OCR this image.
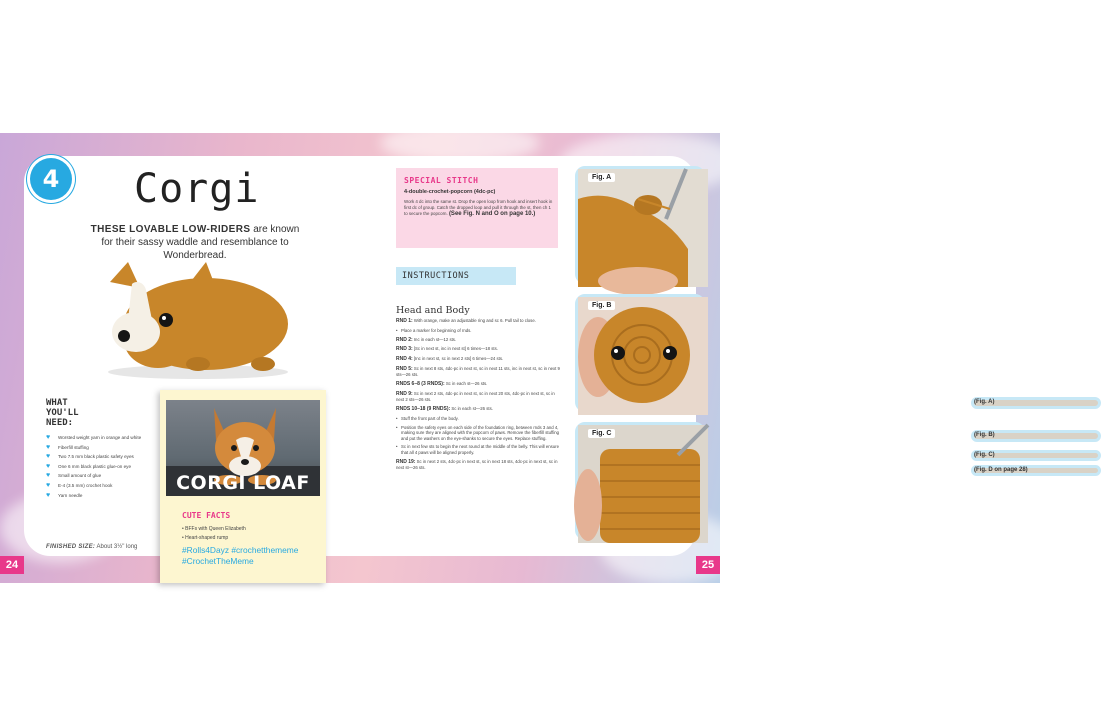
24	25
4	Corgi
THESE LOVABLE LOW-RIDERS are known for their sassy waddle and resemblance to Wonderbread.
WHAT
YOU'LL
NEED:
♥	Worsted weight yarn in orange and white
♥	Fiberfill stuffing
♥	Two 7.5 mm black plastic safety eyes
♥	One 6 mm black plastic glue-on eye
♥	Small amount of glue
♥	E-4 (3.5 mm) crochet hook
♥	Yarn needle
FINISHED SIZE: About 3½" long
CORGI LOAF
CUTE FACTS
• BFFs with Queen Elizabeth
• Heart-shaped rump
#Rolls4Dayz #crochetthememe #CrochetTheMeme
SPECIAL STITCH
4-double-crochet-popcorn (4dc-pc)
Work 4 dc into the same st. Drop the open loop from hook and insert hook in first dc of group. Catch the dropped loop and pull it through the st, then ch 1 to secure the popcorn. (See Fig. N and O on page 10.)
INSTRUCTIONS
Head and Body
RND 1: With orange, make an adjustable ring and sc 6. Pull tail to close.
• Place a marker for beginning of rnds.
RND 2: Inc in each st—12 sts.
RND 3: [Sc in next st, inc in next st] 6 times—18 sts.
RND 4: [Inc in next st, sc in next 2 sts] 6 times—24 sts.
RND 5: Sc in next 8 sts, 4dc-pc in next st, sc in next 11 sts, inc in next st, sc in next 9 sts—26 sts.
RNDS 6–8 (3 RNDS): Sc in each st—26 sts.
RND 9: Sc in next 2 sts, 4dc-pc in next st, sc in next 20 sts, 4dc-pc in next st, sc in next 2 sts—26 sts.	(Fig. A)
RNDS 10–18 (9 RNDS): Sc in each st—26 sts.
• Stuff the front part of the body.
• Position the safety eyes on each side of the foundation ring, between rnds 3 and 4, making sure they are aligned with the popcorn of paws.	(Fig. B)
Remove the fiberfill stuffing and put the washers on the eye-shanks to secure the eyes. Replace stuffing.
• Sc in next few sts to begin the next round at the middle of the belly. This will ensure that all 4 paws will be aligned properly.	(Fig. C)
RND 19: Sc in next 2 sts, 4dc-pc in next st, sc in next 18 sts, 4dc-pc in next st, sc in next st—26 sts.	(Fig. D on page 28)
Fig. A
Fig. B
Fig. C
